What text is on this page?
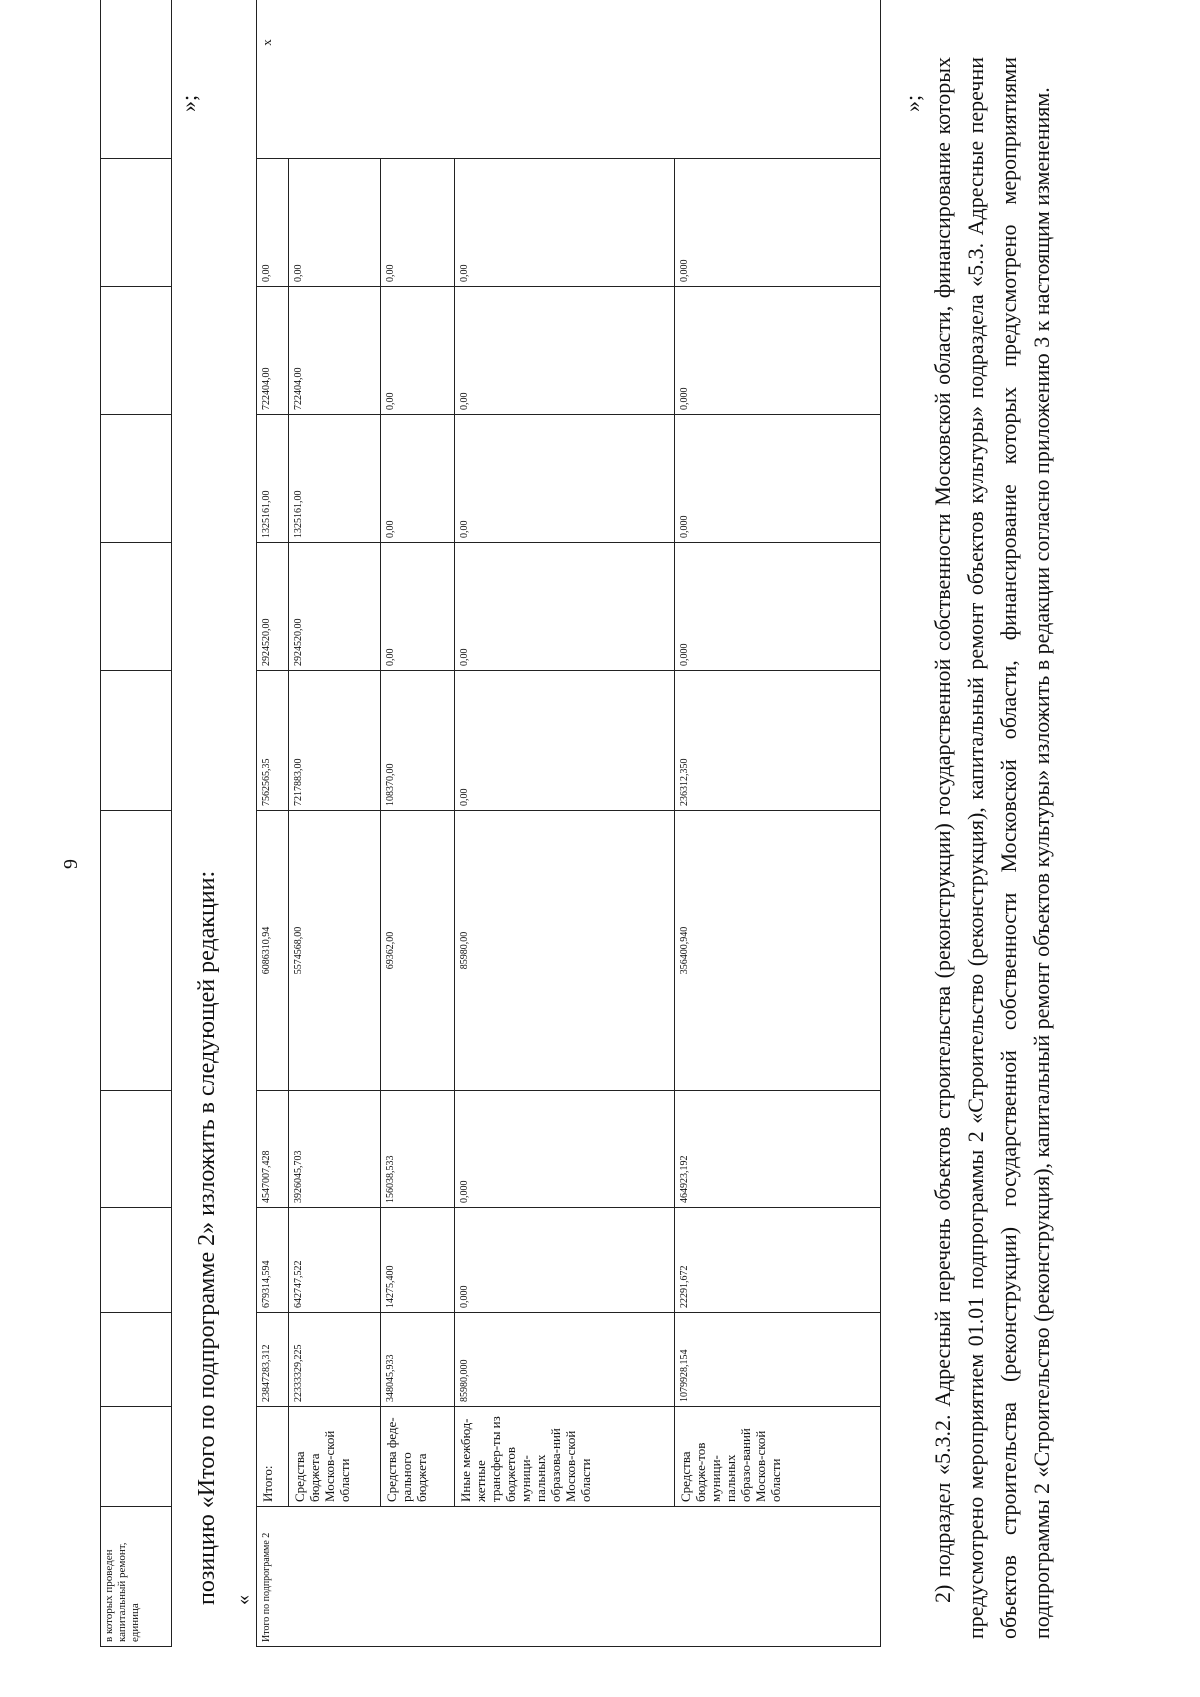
9
в которых проведен капитальный ремонт, единица											
»;
позицию «Итого по подпрограмме 2» изложить в следующей редакции: « Итого по подпрограмме 2	Итого:	23847283,312	679314,594	4547007,428	6086310,94	7562565,35	2924520,00	1325161,00	722404,00	0,00	х
	Средства бюджета Москов-ской области	22333329,225	642747,522	3926045,703	5574568,00	7217883,00	2924520,00	1325161,00	722404,00	0,00	
	Средства феде-рального бюджета	348045,933	14275,400	156038,533	69362,00	108370,00	0,00	0,00	0,00	0,00	
	Иные межбюд-жетные трансфер-ты из бюджетов муници-пальных образова-ний Москов-ской области	85980,000	0,000	0,000	85980,00	0,00	0,00	0,00	0,00	0,00	
	Средства бюдже-тов муници-пальных образо-ваний Москов-ской области	1079928,154	22291,672	464923,192	356400,940	236312,350	0,000	0,000	0,000	0,000	
»; 2) подраздел «5.3.2. Адресный перечень объектов строительства (реконструкции) государственной собственности Московской области, финансирование которых предусмотрено мероприятием 01.01 подпрограммы 2 «Строительство (реконструкция), капитальный ремонт объектов культуры» подраздела «5.3. Адресные перечни объектов строительства (реконструкции) государственной собственности Московской области, финансирование которых предусмотрено мероприятиями подпрограммы 2 «Строительство (реконструкция), капитальный ремонт объектов культуры» изложить в редакции согласно приложению 3 к настоящим изменениям.
